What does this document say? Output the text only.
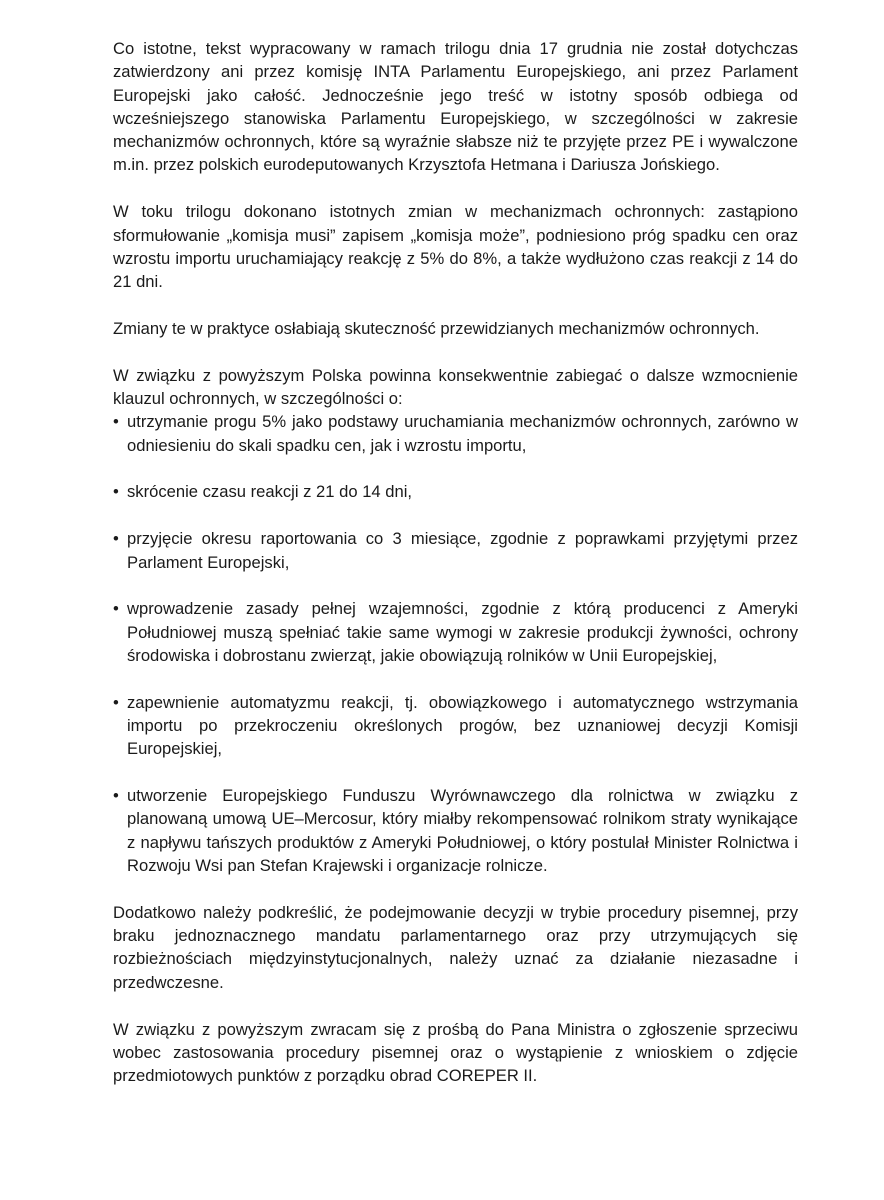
Co istotne, tekst wypracowany w ramach trilogu dnia 17 grudnia nie został dotychczas zatwierdzony ani przez komisję INTA Parlamentu Europejskiego, ani przez Parlament Europejski jako całość. Jednocześnie jego treść w istotny sposób odbiega od wcześniejszego stanowiska Parlamentu Europejskiego, w szczególności w zakresie mechanizmów ochronnych, które są wyraźnie słabsze niż te przyjęte przez PE i wywalczone m.in. przez polskich eurodeputowanych Krzysztofa Hetmana i Dariusza Jońskiego.

W toku trilogu dokonano istotnych zmian w mechanizmach ochronnych: zastąpiono sformułowanie „komisja musi” zapisem „komisja może”, podniesiono próg spadku cen oraz wzrostu importu uruchamiający reakcję z 5% do 8%, a także wydłużono czas reakcji z 14 do 21 dni.

Zmiany te w praktyce osłabiają skuteczność przewidzianych mechanizmów ochronnych.

W związku z powyższym Polska powinna konsekwentnie zabiegać o dalsze wzmocnienie klauzul ochronnych, w szczególności o:

• utrzymanie progu 5% jako podstawy uruchamiania mechanizmów ochronnych, zarówno w odniesieniu do skali spadku cen, jak i wzrostu importu,
• skrócenie czasu reakcji z 21 do 14 dni,
• przyjęcie okresu raportowania co 3 miesiące, zgodnie z poprawkami przyjętymi przez Parlament Europejski,
• wprowadzenie zasady pełnej wzajemności, zgodnie z którą producenci z Ameryki Południowej muszą spełniać takie same wymogi w zakresie produkcji żywności, ochrony środowiska i dobrostanu zwierząt, jakie obowiązują rolników w Unii Europejskiej,
• zapewnienie automatyzmu reakcji, tj. obowiązkowego i automatycznego wstrzymania importu po przekroczeniu określonych progów, bez uznaniowej decyzji Komisji Europejskiej,
• utworzenie Europejskiego Funduszu Wyrównawczego dla rolnictwa w związku z planowaną umową UE–Mercosur, który miałby rekompensować rolnikom straty wynikające z napływu tańszych produktów z Ameryki Południowej, o który postulał Minister Rolnictwa i Rozwoju Wsi pan Stefan Krajewski i organizacje rolnicze.

Dodatkowo należy podkreślić, że podejmowanie decyzji w trybie procedury pisemnej, przy braku jednoznacznego mandatu parlamentarnego oraz przy utrzymujących się rozbieżnościach międzyinstytucjonalnych, należy uznać za działanie niezasadne i przedwczesne.

W związku z powyższym zwracam się z prośbą do Pana Ministra o zgłoszenie sprzeciwu wobec zastosowania procedury pisemnej oraz o wystąpienie z wnioskiem o zdjęcie przedmiotowych punktów z porządku obrad COREPER II.
